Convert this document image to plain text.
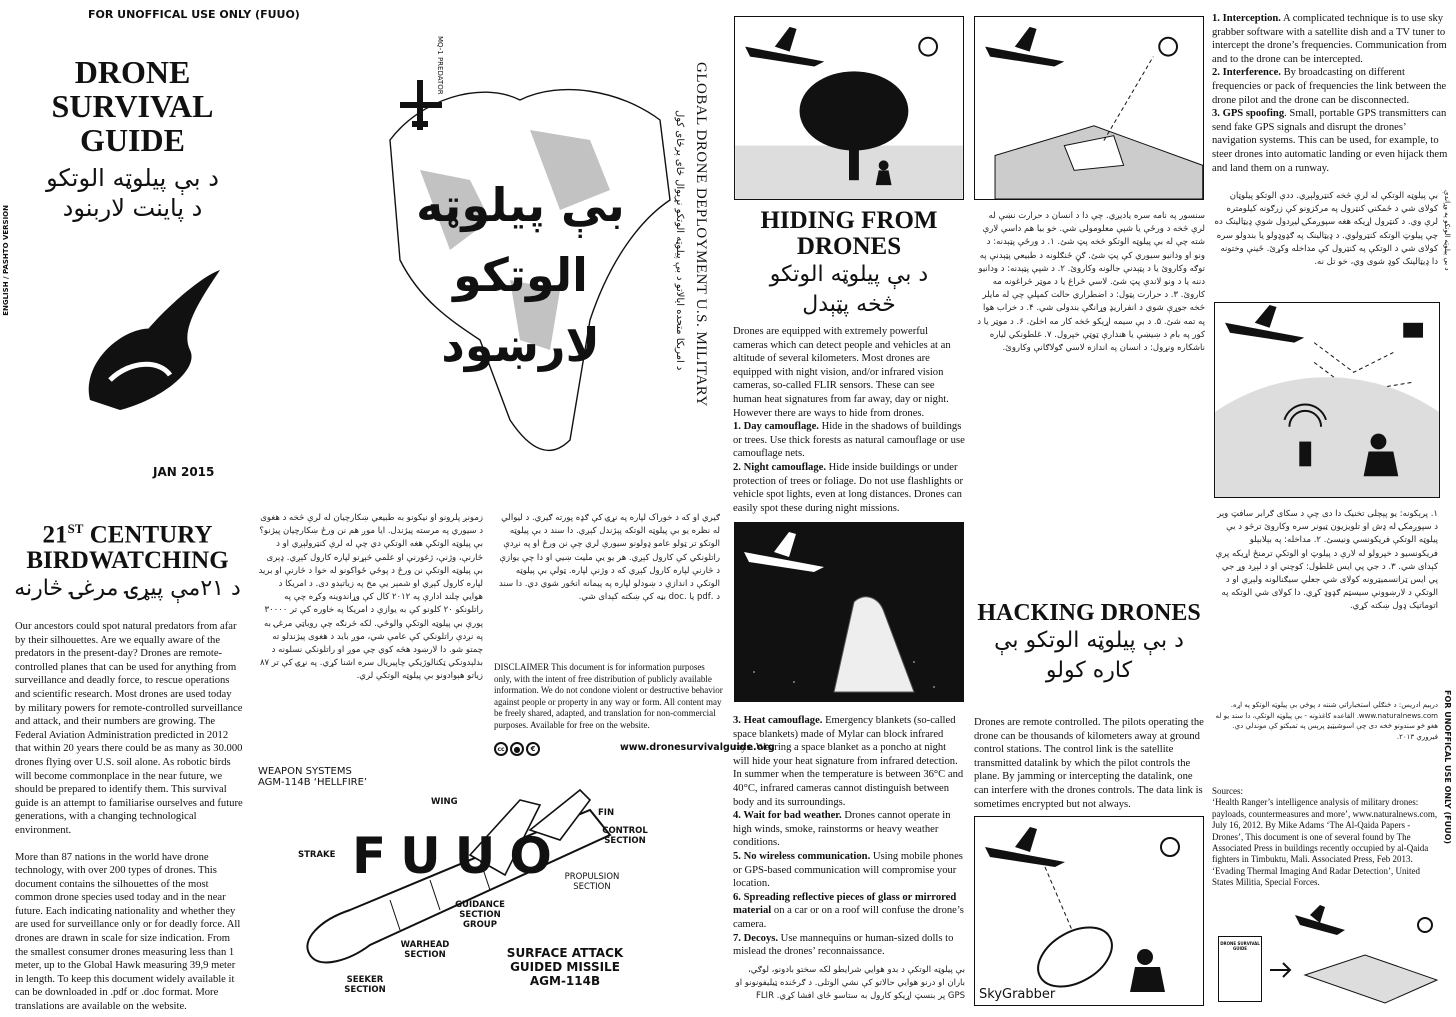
FOR UNOFFICAL USE ONLY (FUUO)
ENGLISH / PASHTO VERSION
DRONE SURVIVAL GUIDE
د بې پیلوټه الوتکو
د پاینت لاربنود
JAN 2015
MQ-1 PREDATOR
بې پیلوټه الوتکو لارښود	GLOBAL DRONE DEPLOYMENT U.S. MILITARY
د امریکا متحده ایالاتو د بې پیلوټه الوتکو نړیوال ځای پرځای کول
21ST CENTURY
BIRDWATCHING
د ۲۱مې پیړۍ مرغۍ څارنه

Our ancestors could spot natural predators from afar by their silhouettes. Are we equally aware of the predators in the present-day? Drones are remote-controlled planes that can be used for anything from surveillance and deadly force, to rescue operations and scientific research. Most drones are used today by military powers for remote-controlled surveillance and attack, and their numbers are growing. The Federal Aviation Administration predicted in 2012 that within 20 years there could be as many as 30.000 drones flying over U.S. soil alone. As robotic birds will become commonplace in the near future, we should be prepared to identify them. This survival guide is an attempt to familiarise ourselves and future generations, with a changing technological environment.

More than 87 nations in the world have drone technology, with over 200 types of drones. This document contains the silhouettes of the most common drone species used today and in the near future. Each indicating nationality and whether they are used for surveillance only or for deadly force. All drones are drawn in scale for size indication. From the smallest consumer drones measuring less than 1 meter, up to the Global Hawk measuring 39,9 meter in length. To keep this document widely available it can be downloaded in .pdf or .doc format. More translations are available on the website.

زمونږ پلرونو او نیکونو به طبیعي ښکارچیان له لرې څخه د هغوی د سیوري په مرسته پیژندل. ایا موږ هم نن ورځ ښکارچیان پیژنو؟ بې پیلوټه الوتکې هغه الوتکې دي چې له لرې کنټرولېږي او د څارنې، وژنې، ژغورنې او علمي څېړنو لپاره کارول کېږي. ډېری بې پیلوټه الوتکې نن ورځ د پوځي ځواکونو له خوا د څارنې او برید لپاره کارول کېږي او شمېر یې مخ په زیاتېدو دی. د امریکا د هوایي چلند ادارې په ۲۰۱۲ کال کې وړاندوینه وکړه چې په راتلونکو ۲۰ کلونو کې به یوازې د امریکا په خاوره کې تر ۳۰۰۰۰ پورې بې پیلوټه الوتکې والوځي. لکه څرنګه چې روباټي مرغۍ به په نږدې راتلونکي کې عامې شي، موږ باید د هغوی پیژندلو ته چمتو شو. دا لارښود هڅه کوي چې موږ او راتلونکي نسلونه د بدلېدونکي ټکنالوژیکي چاپیریال سره اشنا کړي. په نړۍ کې تر ۸۷ زیاتو هېوادونو بې پیلوټه الوتکې لري.
ګیري او که د خوراک لپاره په نړۍ کې ګډه پورته ګیري. د لیوالي له نظره یو بې پیلوټه الوتکه پېژندل کېږي. دا سند د بې پیلوټه الوتکو تر ټولو عامو ډولونو سیورې لري چې نن ورځ او په نږدې راتلونکي کې کارول کېږي. هر یو یې ملیت ښيي او دا چې یوازې د څارنې لپاره کارول کېږي که د وژنې لپاره. ټولې بې پیلوټه الوتکې د اندازې د ښودلو لپاره په پیمانه انځور شوي دي. دا سند د .pdf یا .doc بڼه کې ښکته کېدای شي.
DISCLAIMER This document is for information purposes only, with the intent of free distribution of publicly available information. We do not condone violent or destructive behavior against people or property in any way or form. All content may be freely shared, adapted, and translation for non-commercial purposes. Available for free on the website.
cc	●	€	www.dronesurvivalguide.org
WEAPON SYSTEMS
AGM-114B ‘HELLFIRE’
WING
FIN
CONTROL SECTION
PROPULSION SECTION
GUIDANCE SECTION GROUP
WARHEAD SECTION
STRAKE
SEEKER SECTION
FUUO
SURFACE ATTACK
GUIDED MISSILE
AGM-114B
HIDING FROM DRONES
د بې پیلوټه الوتکو
څخه پټېدل
Drones are equipped with extremely powerful cameras which can detect people and vehicles at an altitude of several kilometers. Most drones are equipped with night vision, and/or infrared vision cameras, so-called FLIR sensors. These can see human heat signatures from far away, day or night. However there are ways to hide from drones.
1. Day camouflage. Hide in the shadows of buildings or trees. Use thick forests as natural camouflage or use camouflage nets.
2. Night camouflage. Hide inside buildings or under protection of trees or foliage. Do not use flashlights or vehicle spot lights, even at long distances. Drones can easily spot these during night missions.
3. Heat camouflage. Emergency blankets (so-called space blankets) made of Mylar can block infrared rays. Wearing a space blanket as a poncho at night will hide your heat signature from infrared detection. In summer when the temperature is between 36°C and 40°C, infrared cameras cannot distinguish between body and its surroundings.
4. Wait for bad weather. Drones cannot operate in high winds, smoke, rainstorms or heavy weather conditions.
5. No wireless communication. Using mobile phones or GPS-based communication will compromise your location.
6. Spreading reflective pieces of glass or mirrored material on a car or on a roof will confuse the drone’s camera.
7. Decoys. Use mannequins or human-sized dolls to mislead the drones’ reconnaissance.
بې پیلوټه الوتکې د بدو هوایي شرایطو لکه سختو بادونو، لوګي، باران او درنو هوایي حالاتو کې نشي الوتلی. د ګرځنده ټیلیفونونو او GPS پر بنسټ اړیکو کارول به ستاسو ځای افشا کړي. FLIR
سنسور په نامه سره یادیږي. چې دا د انسان د حرارت نښې له لرې څخه د ورځې یا شپې معلومولی شي. خو بیا هم داسې لارې شته چې له بې پیلوټه الوتکو څخه پټ شئ. ۱. د ورځې پټېدنه: د ونو او ودانیو سیوري کې پټ شئ. ګڼ ځنګلونه د طبیعي پټېدنې په توګه وکاروئ یا د پټېدنې جالونه وکاروئ. ۲. د شپې پټېدنه: د ودانیو دننه یا د ونو لاندې پټ شئ. لاسي څراغ یا د موټر څراغونه مه کاروئ. ۳. د حرارت پټول: د اضطراري حالت کمپلې چې له مایلر څخه جوړې شوي د انفراریډ وړانګې بندولی شي. ۴. د خراب هوا په تمه شئ. ۵. د بې سیمه اړیکو څخه کار مه اخلئ. ۶. د موټر یا د کور په بام د ښیښې یا هندارې ټوټې خپرول. ۷. غلطونکي لیاره ناشکاره ونړول: د انسان په اندازه لاسي ګولاګانې وکاروئ.
HACKING DRONES
د بې پیلوټه الوتکو بې
کاره کولو
Drones are remote controlled. The pilots operating the drone can be thousands of kilometers away at ground control stations. The control link is the satellite transmitted datalink by which the pilot controls the plane. By jamming or intercepting the datalink, one can interfere with the drones controls. The data link is sometimes encrypted but not always.
SkyGrabber
1. Interception. A complicated technique is to use sky grabber software with a satellite dish and a TV tuner to intercept the drone’s frequencies. Communication from and to the drone can be intercepted.
2. Interference. By broadcasting on different frequencies or pack of frequencies the link between the drone pilot and the drone can be disconnected.
3. GPS spoofing. Small, portable GPS transmitters can send fake GPS signals and disrupt the drones’ navigation systems. This can be used, for example, to steer drones into automatic landing or even hijack them and land them on a runway.
بې پیلوټه الوتکې له لرې څخه کنټرولېږي. ددې الوتکو پیلوټان کولای شي د ځمکني کنټرول په مرکزونو کې زرګونه کیلومتره لرې وي. د کنټرول اړیکه هغه سپوږمکۍ لیږدول شوې ډیټالینک ده چې پیلوټ الوتکه کنټرولوي. د ډیټالینک په ګډوډولو یا بندولو سره کولای شي د الوتکې په کنټرول کې مداخله وکړئ. ځینې وختونه دا ډیټالینک کوډ شوی وي، خو تل نه. د بې پیلوټه الوتکو په وړاندې
۱. پرېکونه: یو پېچلی تخنیک دا دی چې د سکای ګرابر سافټ وېر د سپوږمکۍ له ډش او تلویزیون ټیونر سره وکاروئ ترڅو د بې پیلوټه الوتکې فریکونسي ونیسئ. ۲. مداخله: په بېلابېلو فریکونسیو د خپرولو له لارې د پیلوټ او الوتکې ترمنځ اړیکه پرې کېدای شي. ۳. د جي پي ایس غلطول: کوچني او د لېږد وړ جي پي ایس ټرانسمیټرونه کولای شي جعلي سیګنالونه ولېږي او د الوتکې د لارښوونې سیسټم ګډوډ کړي. دا کولای شي الوتکه په اتوماتیک ډول ښکته کړي.
درېیم ادریس: د ځنګلي استخباراتي شننه د پوځي بې پیلوټه الوتکو په اړه. www.naturalnews.com. القاعده کاغذونه - بې پیلوټه الوتکې، دا سند یو له هغو څو سندونو څخه دی چې اسوشیټیډ پرېس په تمبکتو کې موندلي دي. فبروري ۲۰۱۳.
Sources:
‘Health Ranger’s intelligence analysis of military drones: payloads, countermeasures and more’, www.naturalnews.com, July 16, 2012. By Mike Adams ‘The Al-Qaida Papers - Drones’, This document is one of several found by The Associated Press in buildings recently occupied by al-Qaida fighters in Timbuktu, Mali. Associated Press, Feb 2013. ‘Evading Thermal Imaging And Radar Detection’, United States Militia, Special Forces.
DRONE SURVIVAL GUIDE
FOR UNOFFICAL USE ONLY (FUUO)
